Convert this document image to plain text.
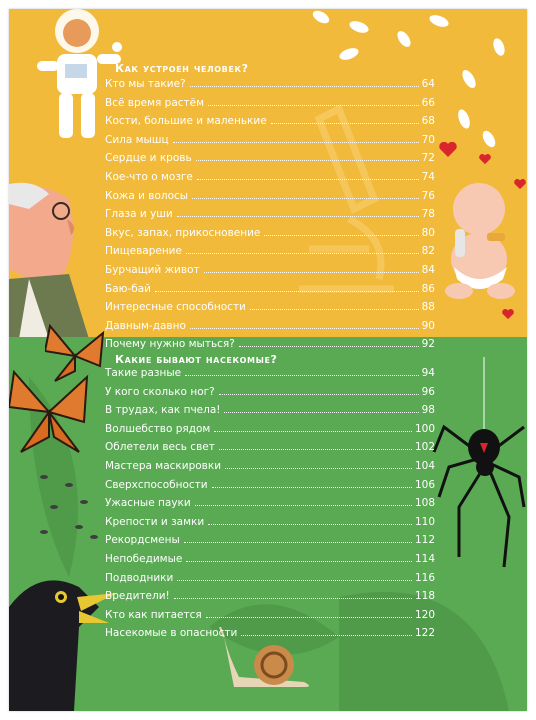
Как устроен человек?
Кто мы такие?	64
Всё время растём	66
Кости, большие и маленькие	68
Сила мышц	70
Сердце и кровь	72
Кое-что о мозге	74
Кожа и волосы	76
Глаза и уши	78
Вкус, запах, прикосновение	80
Пищеварение	82
Бурчащий живот	84
Баю-бай	86
Интересные способности	88
Давным-давно	90
Почему нужно мыться?	92
Какие бывают насекомые?
Такие разные	94
У кого сколько ног?	96
В трудах, как пчела!	98
Волшебство рядом	100
Облетели весь свет	102
Мастера маскировки	104
Сверхспособности	106
Ужасные пауки	108
Крепости и замки	110
Рекордсмены	112
Непобедимые	114
Подводники	116
Вредители!	118
Кто как питается	120
Насекомые в опасности	122
